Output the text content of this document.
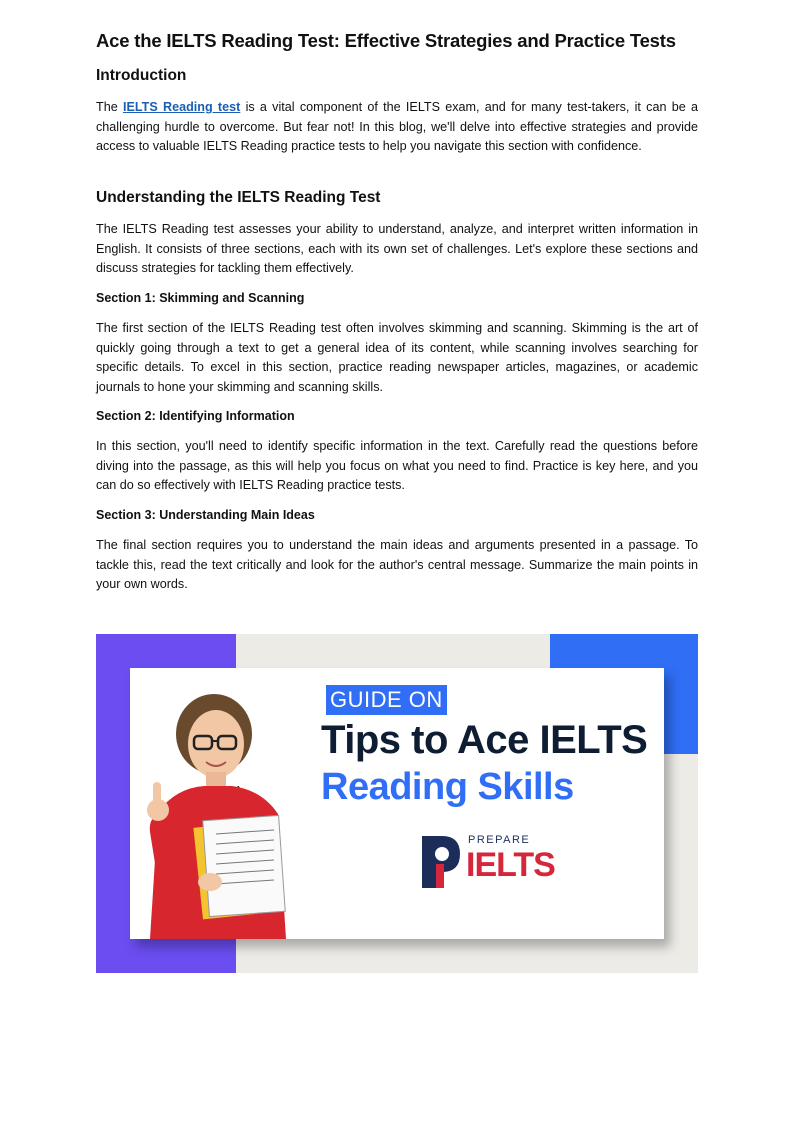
Ace the IELTS Reading Test: Effective Strategies and Practice Tests
Introduction

The IELTS Reading test is a vital component of the IELTS exam, and for many test-takers, it can be a challenging hurdle to overcome. But fear not! In this blog, we'll delve into effective strategies and provide access to valuable IELTS Reading practice tests to help you navigate this section with confidence.

Understanding the IELTS Reading Test

The IELTS Reading test assesses your ability to understand, analyze, and interpret written information in English. It consists of three sections, each with its own set of challenges. Let's explore these sections and discuss strategies for tackling them effectively.

Section 1: Skimming and Scanning

The first section of the IELTS Reading test often involves skimming and scanning. Skimming is the art of quickly going through a text to get a general idea of its content, while scanning involves searching for specific details. To excel in this section, practice reading newspaper articles, magazines, or academic journals to hone your skimming and scanning skills.

Section 2: Identifying Information

In this section, you'll need to identify specific information in the text. Carefully read the questions before diving into the passage, as this will help you focus on what you need to find. Practice is key here, and you can do so effectively with IELTS Reading practice tests.

Section 3: Understanding Main Ideas

The final section requires you to understand the main ideas and arguments presented in a passage. To tackle this, read the text critically and look for the author's central message. Summarize the main points in your own words.

GUIDE ON
Tips to Ace IELTS
Reading Skills
PREPARE
IELTS
